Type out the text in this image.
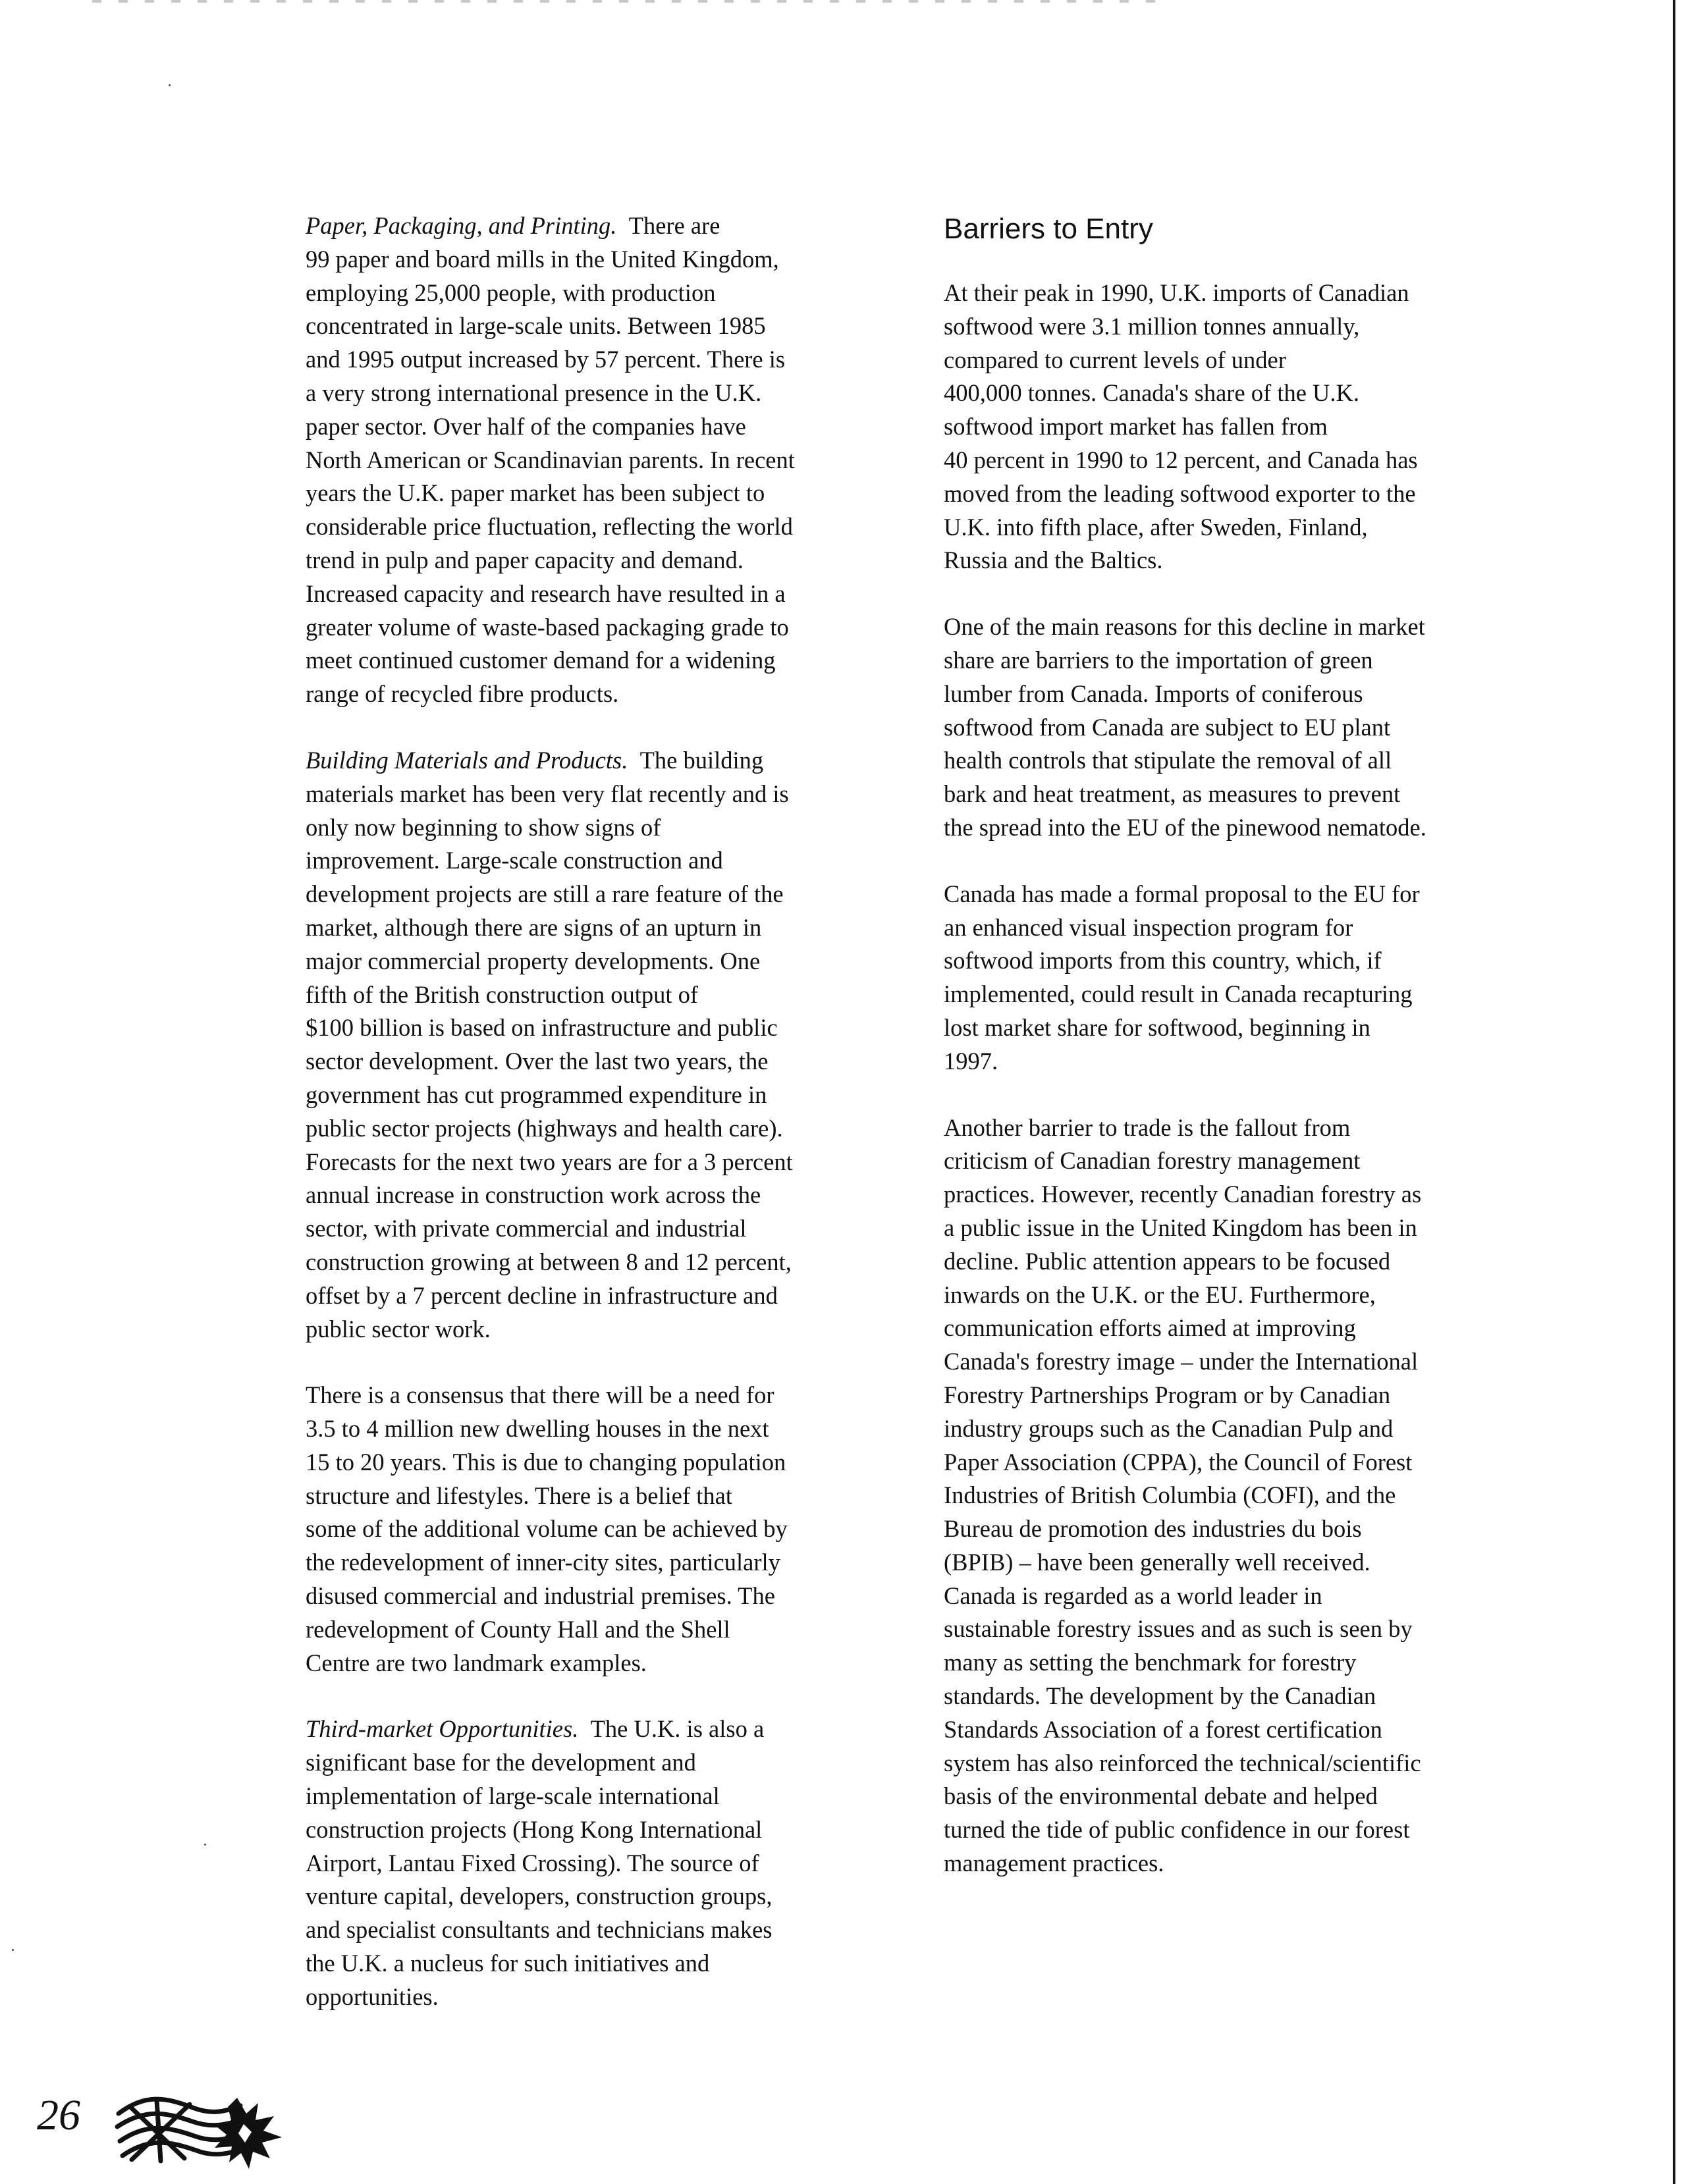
Paper, Packaging, and Printing. There are
99 paper and board mills in the United Kingdom,
employing 25,000 people, with production
concentrated in large-scale units. Between 1985
and 1995 output increased by 57 percent. There is
a very strong international presence in the U.K.
paper sector. Over half of the companies have
North American or Scandinavian parents. In recent
years the U.K. paper market has been subject to
considerable price fluctuation, reflecting the world
trend in pulp and paper capacity and demand.
Increased capacity and research have resulted in a
greater volume of waste-based packaging grade to
meet continued customer demand for a widening
range of recycled fibre products.
Building Materials and Products. The building
materials market has been very flat recently and is
only now beginning to show signs of
improvement. Large-scale construction and
development projects are still a rare feature of the
market, although there are signs of an upturn in
major commercial property developments. One
fifth of the British construction output of
$100 billion is based on infrastructure and public
sector development. Over the last two years, the
government has cut programmed expenditure in
public sector projects (highways and health care).
Forecasts for the next two years are for a 3 percent
annual increase in construction work across the
sector, with private commercial and industrial
construction growing at between 8 and 12 percent,
offset by a 7 percent decline in infrastructure and
public sector work.
There is a consensus that there will be a need for
3.5 to 4 million new dwelling houses in the next
15 to 20 years. This is due to changing population
structure and lifestyles. There is a belief that
some of the additional volume can be achieved by
the redevelopment of inner-city sites, particularly
disused commercial and industrial premises. The
redevelopment of County Hall and the Shell
Centre are two landmark examples.
Third-market Opportunities. The U.K. is also a
significant base for the development and
implementation of large-scale international
construction projects (Hong Kong International
Airport, Lantau Fixed Crossing). The source of
venture capital, developers, construction groups,
and specialist consultants and technicians makes
the U.K. a nucleus for such initiatives and
opportunities.
Barriers to Entry
At their peak in 1990, U.K. imports of Canadian
softwood were 3.1 million tonnes annually,
compared to current levels of under
400,000 tonnes. Canada's share of the U.K.
softwood import market has fallen from
40 percent in 1990 to 12 percent, and Canada has
moved from the leading softwood exporter to the
U.K. into fifth place, after Sweden, Finland,
Russia and the Baltics.
One of the main reasons for this decline in market
share are barriers to the importation of green
lumber from Canada. Imports of coniferous
softwood from Canada are subject to EU plant
health controls that stipulate the removal of all
bark and heat treatment, as measures to prevent
the spread into the EU of the pinewood nematode.
Canada has made a formal proposal to the EU for
an enhanced visual inspection program for
softwood imports from this country, which, if
implemented, could result in Canada recapturing
lost market share for softwood, beginning in
1997.
Another barrier to trade is the fallout from
criticism of Canadian forestry management
practices. However, recently Canadian forestry as
a public issue in the United Kingdom has been in
decline. Public attention appears to be focused
inwards on the U.K. or the EU. Furthermore,
communication efforts aimed at improving
Canada's forestry image – under the International
Forestry Partnerships Program or by Canadian
industry groups such as the Canadian Pulp and
Paper Association (CPPA), the Council of Forest
Industries of British Columbia (COFI), and the
Bureau de promotion des industries du bois
(BPIB) – have been generally well received.
Canada is regarded as a world leader in
sustainable forestry issues and as such is seen by
many as setting the benchmark for forestry
standards. The development by the Canadian
Standards Association of a forest certification
system has also reinforced the technical/scientific
basis of the environmental debate and helped
turned the tide of public confidence in our forest
management practices.
26
